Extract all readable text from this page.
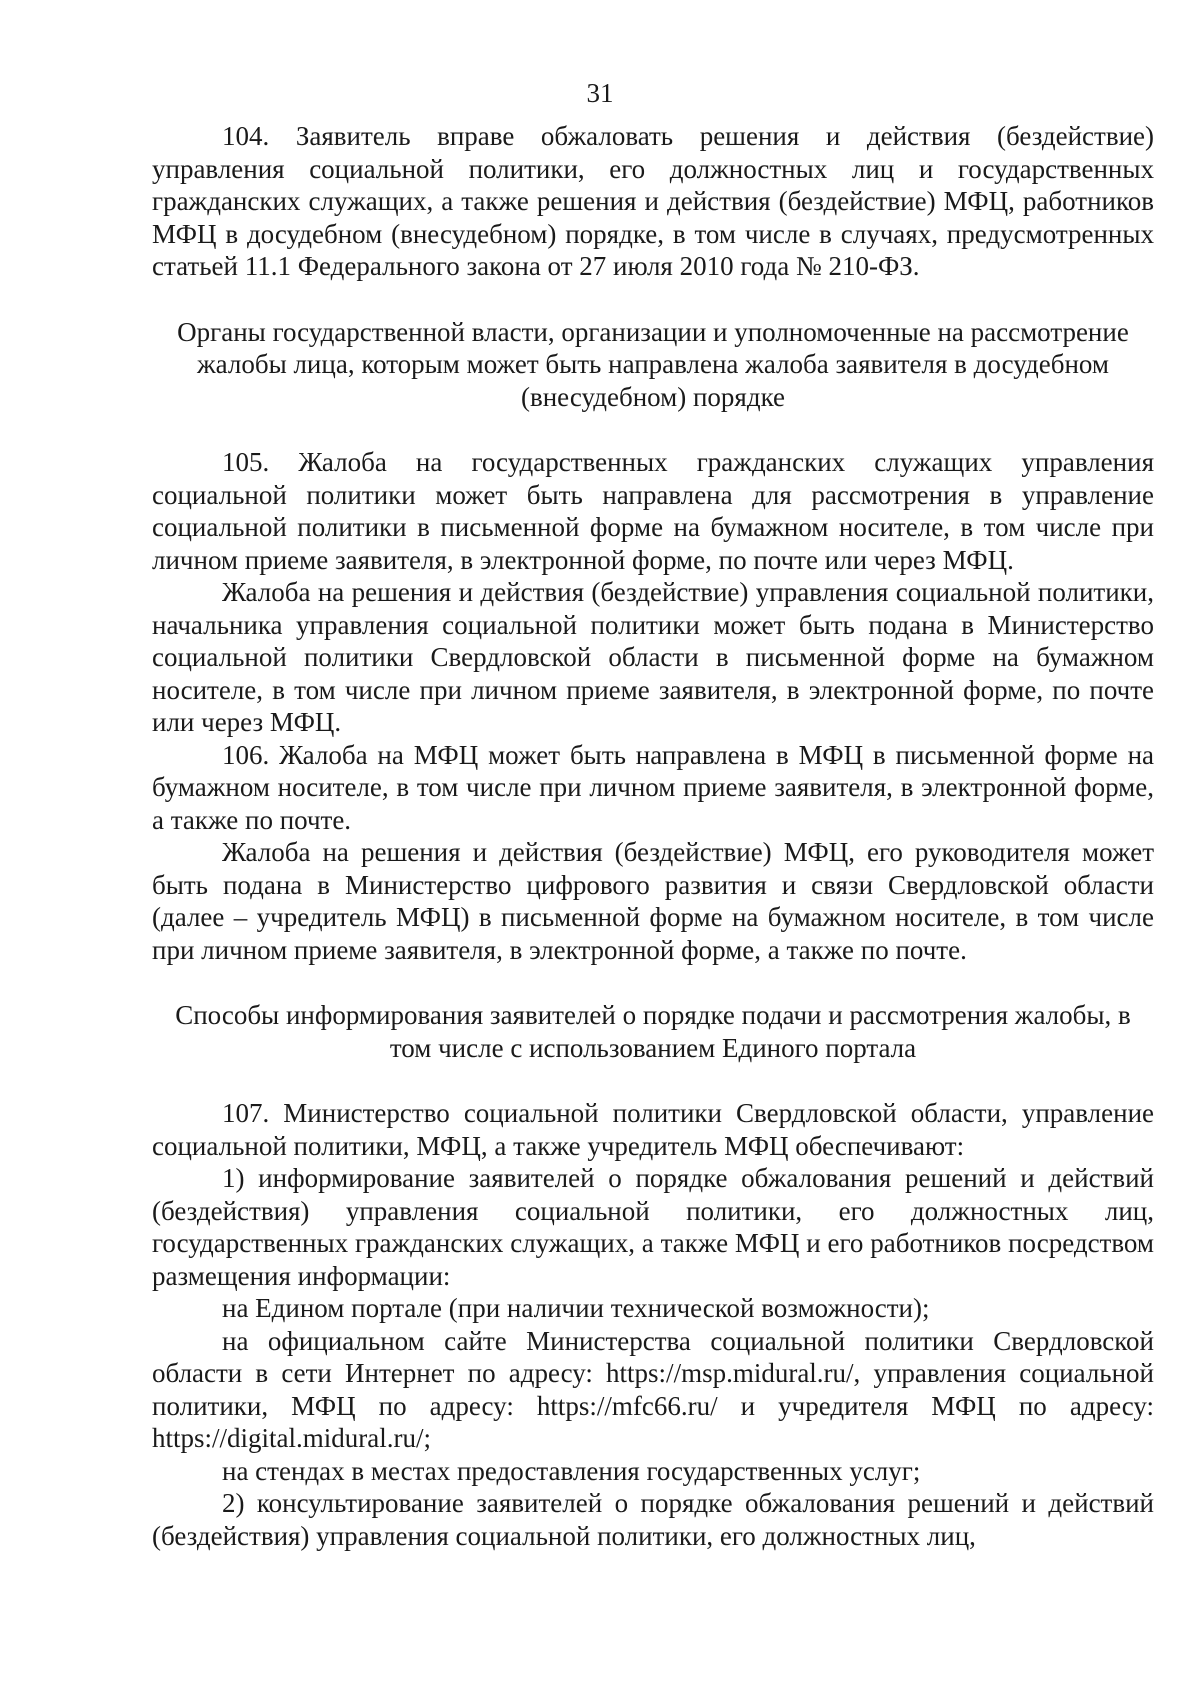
31

104. Заявитель вправе обжаловать решения и действия (бездействие) управления социальной политики, его должностных лиц и государственных гражданских служащих, а также решения и действия (бездействие) МФЦ, работников МФЦ в досудебном (внесудебном) порядке, в том числе в случаях, предусмотренных статьей 11.1 Федерального закона от 27 июля 2010 года № 210-ФЗ.

Органы государственной власти, организации и уполномоченные на рассмотрение жалобы лица, которым может быть направлена жалоба заявителя в досудебном (внесудебном) порядке

105. Жалоба на государственных гражданских служащих управления социальной политики может быть направлена для рассмотрения в управление социальной политики в письменной форме на бумажном носителе, в том числе при личном приеме заявителя, в электронной форме, по почте или через МФЦ.

Жалоба на решения и действия (бездействие) управления социальной политики, начальника управления социальной политики может быть подана в Министерство социальной политики Свердловской области в письменной форме на бумажном носителе, в том числе при личном приеме заявителя, в электронной форме, по почте или через МФЦ.

106. Жалоба на МФЦ может быть направлена в МФЦ в письменной форме на бумажном носителе, в том числе при личном приеме заявителя, в электронной форме, а также по почте.

Жалоба на решения и действия (бездействие) МФЦ, его руководителя может быть подана в Министерство цифрового развития и связи Свердловской области (далее – учредитель МФЦ) в письменной форме на бумажном носителе, в том числе при личном приеме заявителя, в электронной форме, а также по почте.

Способы информирования заявителей о порядке подачи и рассмотрения жалобы, в том числе с использованием Единого портала

107. Министерство социальной политики Свердловской области, управление социальной политики, МФЦ, а также учредитель МФЦ обеспечивают:

1) информирование заявителей о порядке обжалования решений и действий (бездействия) управления социальной политики, его должностных лиц, государственных гражданских служащих, а также МФЦ и его работников посредством размещения информации:

на Едином портале (при наличии технической возможности);

на официальном сайте Министерства социальной политики Свердловской области в сети Интернет по адресу: https://msp.midural.ru/, управления социальной политики, МФЦ по адресу: https://mfc66.ru/ и учредителя МФЦ по адресу: https://digital.midural.ru/;

на стендах в местах предоставления государственных услуг;

2) консультирование заявителей о порядке обжалования решений и действий (бездействия) управления социальной политики, его должностных лиц,
